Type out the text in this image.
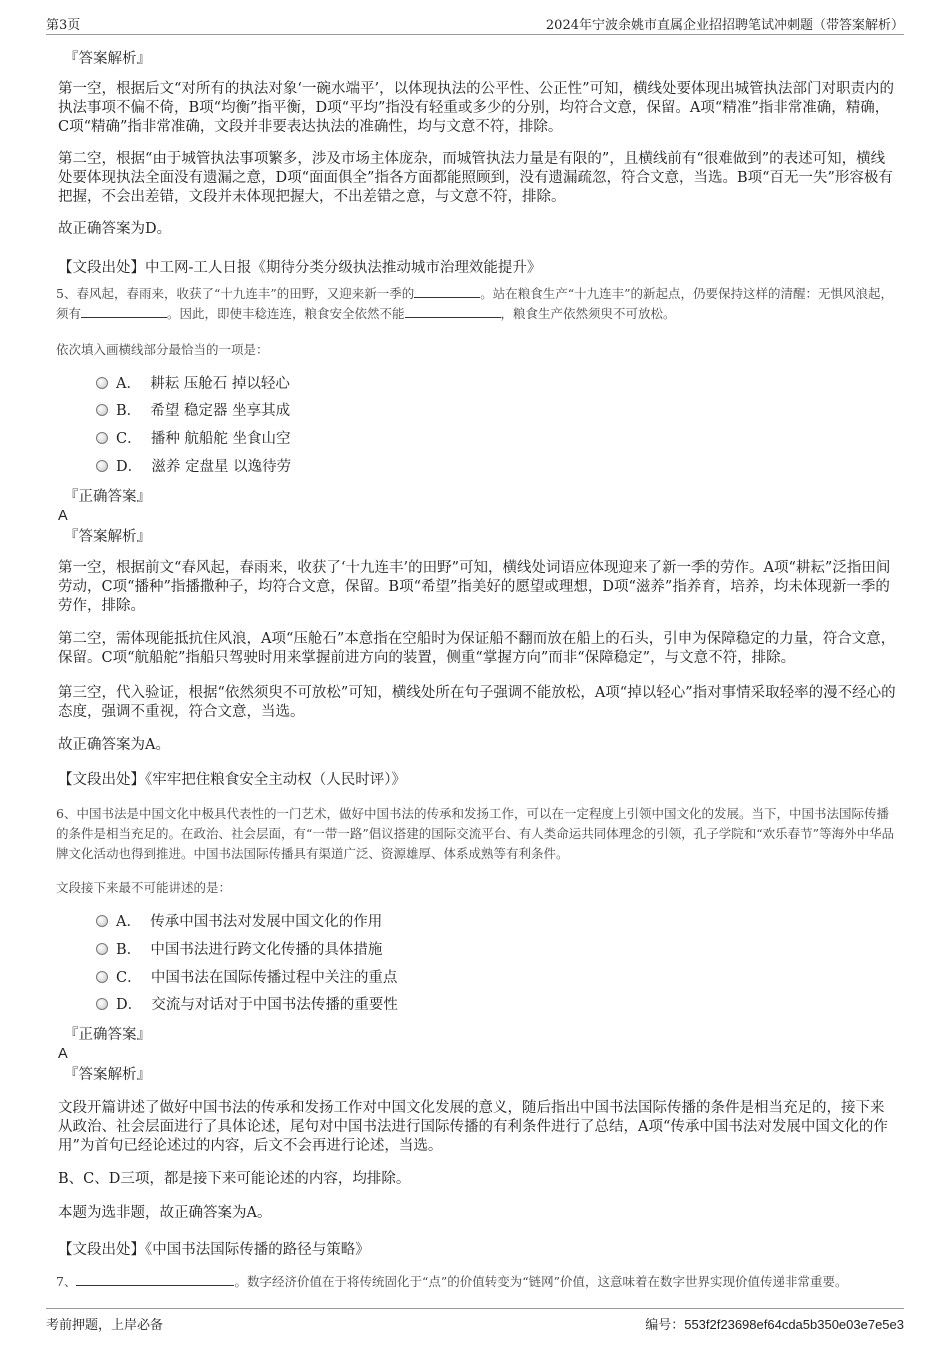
第3页	2024年宁波余姚市直属企业招招聘笔试冲刺题（带答案解析）
『答案解析』
第一空，根据后文“对所有的执法对象‘一碗水端平’，以体现执法的公平性、公正性”可知，横线处要体现出城管执法部门对职责内的执法事项不偏不倚，B项“均衡”指平衡，D项“平均”指没有轻重或多少的分别，均符合文意，保留。A项“精准”指非常准确，精确，C项“精确”指非常准确，文段并非要表达执法的准确性，均与文意不符，排除。
第二空，根据“由于城管执法事项繁多，涉及市场主体庞杂，而城管执法力量是有限的”，且横线前有“很难做到”的表述可知，横线处要体现执法全面没有遗漏之意，D项“面面俱全”指各方面都能照顾到，没有遗漏疏忽，符合文意，当选。B项“百无一失”形容极有把握，不会出差错，文段并未体现把握大，不出差错之意，与文意不符，排除。
故正确答案为D。
【文段出处】中工网-工人日报《期待分类分级执法推动城市治理效能提升》
5、春风起，春雨来，收获了“十九连丰”的田野，又迎来新一季的	。站在粮食生产“十九连丰”的新起点，仍要保持这样的清醒：无惧风浪起，须有	。因此，即使丰稔连连，粮食安全依然不能	，粮食生产依然须臾不可放松。
依次填入画横线部分最恰当的一项是：
A． 耕耘 压舱石 掉以轻心
B． 希望 稳定器 坐享其成
C． 播种 航船舵 坐食山空
D． 滋养 定盘星 以逸待劳
『正确答案』
A
『答案解析』
第一空，根据前文“春风起，春雨来，收获了‘十九连丰’的田野”可知，横线处词语应体现迎来了新一季的劳作。A项“耕耘”泛指田间劳动，C项“播种”指播撒种子，均符合文意，保留。B项“希望”指美好的愿望或理想，D项“滋养”指养育，培养，均未体现新一季的劳作，排除。
第二空，需体现能抵抗住风浪，A项“压舱石”本意指在空船时为保证船不翻而放在船上的石头，引申为保障稳定的力量，符合文意，保留。C项“航船舵”指船只驾驶时用来掌握前进方向的装置，侧重“掌握方向”而非“保障稳定”，与文意不符，排除。
第三空，代入验证，根据“依然须臾不可放松”可知，横线处所在句子强调不能放松，A项“掉以轻心”指对事情采取轻率的漫不经心的态度，强调不重视，符合文意，当选。
故正确答案为A。
【文段出处】《牢牢把住粮食安全主动权（人民时评）》
6、中国书法是中国文化中极具代表性的一门艺术，做好中国书法的传承和发扬工作，可以在一定程度上引领中国文化的发展。当下，中国书法国际传播的条件是相当充足的。在政治、社会层面，有“一带一路”倡议搭建的国际交流平台、有人类命运共同体理念的引领，孔子学院和“欢乐春节”等海外中华品牌文化活动也得到推进。中国书法国际传播具有渠道广泛、资源雄厚、体系成熟等有利条件。
文段接下来最不可能讲述的是：
A． 传承中国书法对发展中国文化的作用
B． 中国书法进行跨文化传播的具体措施
C． 中国书法在国际传播过程中关注的重点
D． 交流与对话对于中国书法传播的重要性
『正确答案』
A
『答案解析』
文段开篇讲述了做好中国书法的传承和发扬工作对中国文化发展的意义，随后指出中国书法国际传播的条件是相当充足的，接下来从政治、社会层面进行了具体论述，尾句对中国书法进行国际传播的有利条件进行了总结，A项“传承中国书法对发展中国文化的作用”为首句已经论述过的内容，后文不会再进行论述，当选。
B、C、D三项，都是接下来可能论述的内容，均排除。
本题为选非题，故正确答案为A。
【文段出处】《中国书法国际传播的路径与策略》
7、	。数字经济价值在于将传统固化于“点”的价值转变为“链网”价值，这意味着在数字世界实现价值传递非常重要。
考前押题，上岸必备	编号：553f2f23698ef64cda5b350e03e7e5e3
